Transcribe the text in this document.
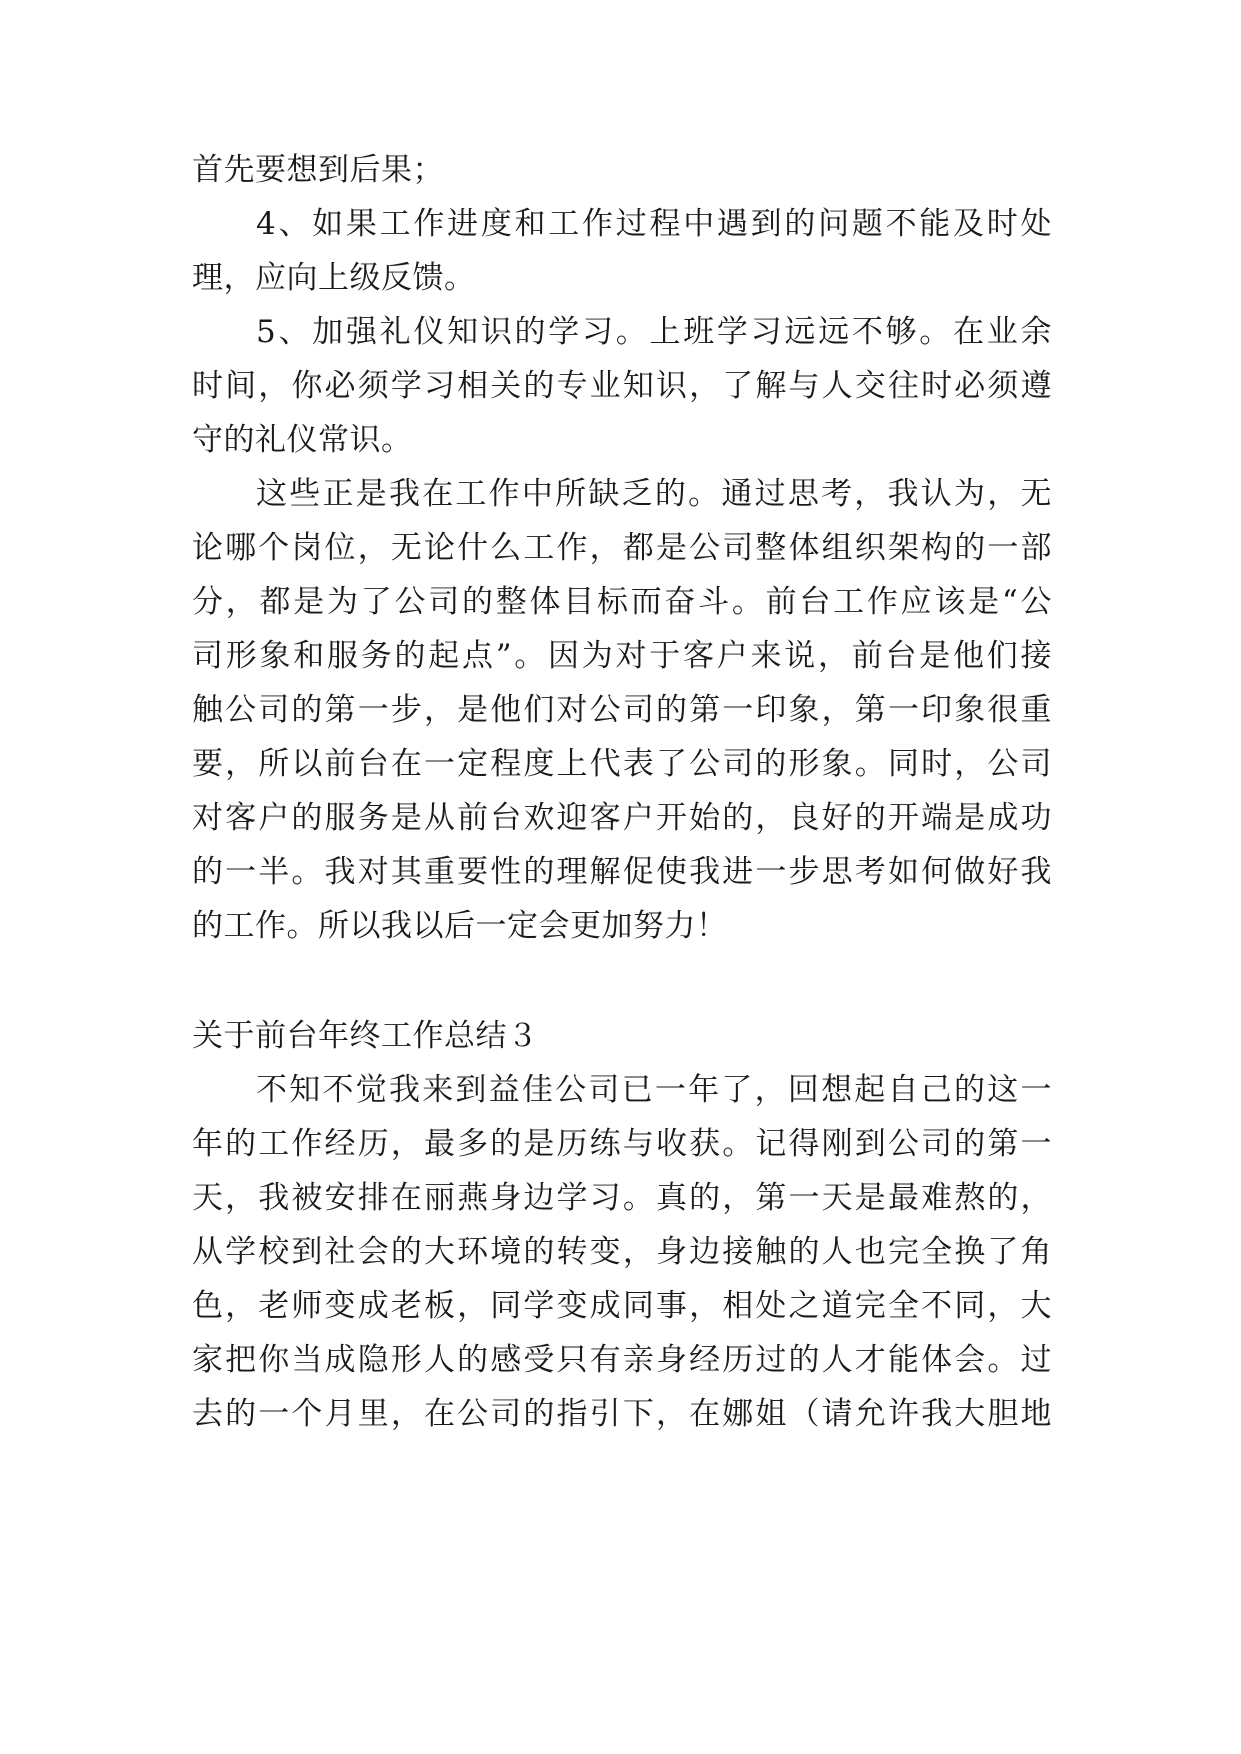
首先要想到后果；
4、如果工作进度和工作过程中遇到的问题不能及时处
理，应向上级反馈。
5、加强礼仪知识的学习。上班学习远远不够。在业余
时间，你必须学习相关的专业知识，了解与人交往时必须遵
守的礼仪常识。
这些正是我在工作中所缺乏的。通过思考，我认为，无
论哪个岗位，无论什么工作，都是公司整体组织架构的一部
分，都是为了公司的整体目标而奋斗。前台工作应该是“公
司形象和服务的起点”。因为对于客户来说，前台是他们接
触公司的第一步，是他们对公司的第一印象，第一印象很重
要，所以前台在一定程度上代表了公司的形象。同时，公司
对客户的服务是从前台欢迎客户开始的，良好的开端是成功
的一半。我对其重要性的理解促使我进一步思考如何做好我
的工作。所以我以后一定会更加努力！
关于前台年终工作总结３
不知不觉我来到益佳公司已一年了，回想起自己的这一
年的工作经历，最多的是历练与收获。记得刚到公司的第一
天，我被安排在丽燕身边学习。真的，第一天是最难熬的，
从学校到社会的大环境的转变，身边接触的人也完全换了角
色，老师变成老板，同学变成同事，相处之道完全不同，大
家把你当成隐形人的感受只有亲身经历过的人才能体会。过
去的一个月里，在公司的指引下，在娜姐（请允许我大胆地
